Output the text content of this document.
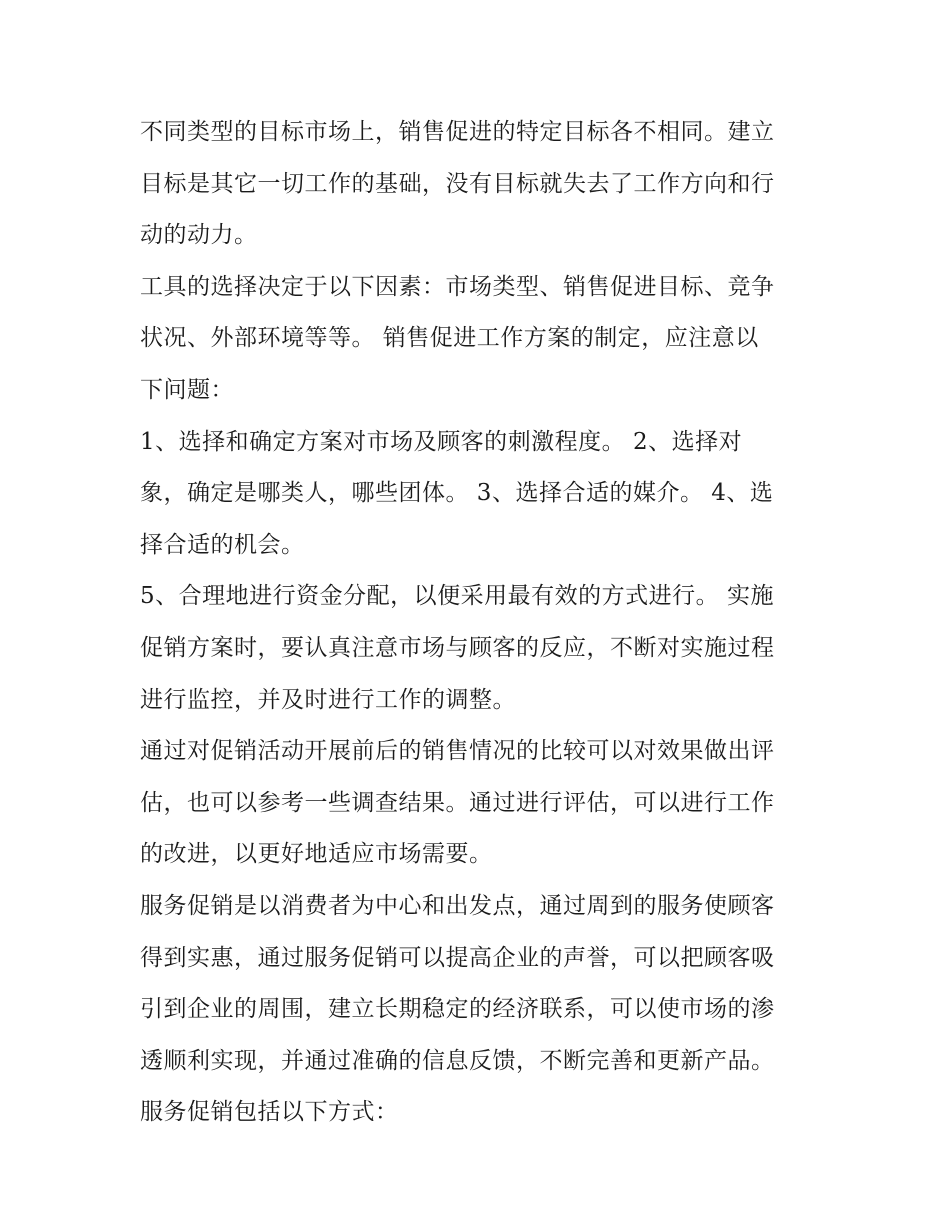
不同类型的目标市场上，销售促进的特定目标各不相同。建立

目标是其它一切工作的基础，没有目标就失去了工作方向和行

动的动力。

工具的选择决定于以下因素：市场类型、销售促进目标、竞争

状况、外部环境等等。 销售促进工作方案的制定，应注意以

下问题：

1、选择和确定方案对市场及顾客的刺激程度。 2、选择对

象，确定是哪类人，哪些团体。 3、选择合适的媒介。 4、选

择合适的机会。

5、合理地进行资金分配，以便采用最有效的方式进行。 实施

促销方案时，要认真注意市场与顾客的反应，不断对实施过程

进行监控，并及时进行工作的调整。

通过对促销活动开展前后的销售情况的比较可以对效果做出评

估，也可以参考一些调查结果。通过进行评估，可以进行工作

的改进，以更好地适应市场需要。

服务促销是以消费者为中心和出发点，通过周到的服务使顾客

得到实惠，通过服务促销可以提高企业的声誉，可以把顾客吸

引到企业的周围，建立长期稳定的经济联系，可以使市场的渗

透顺利实现，并通过准确的信息反馈，不断完善和更新产品。

服务促销包括以下方式：
